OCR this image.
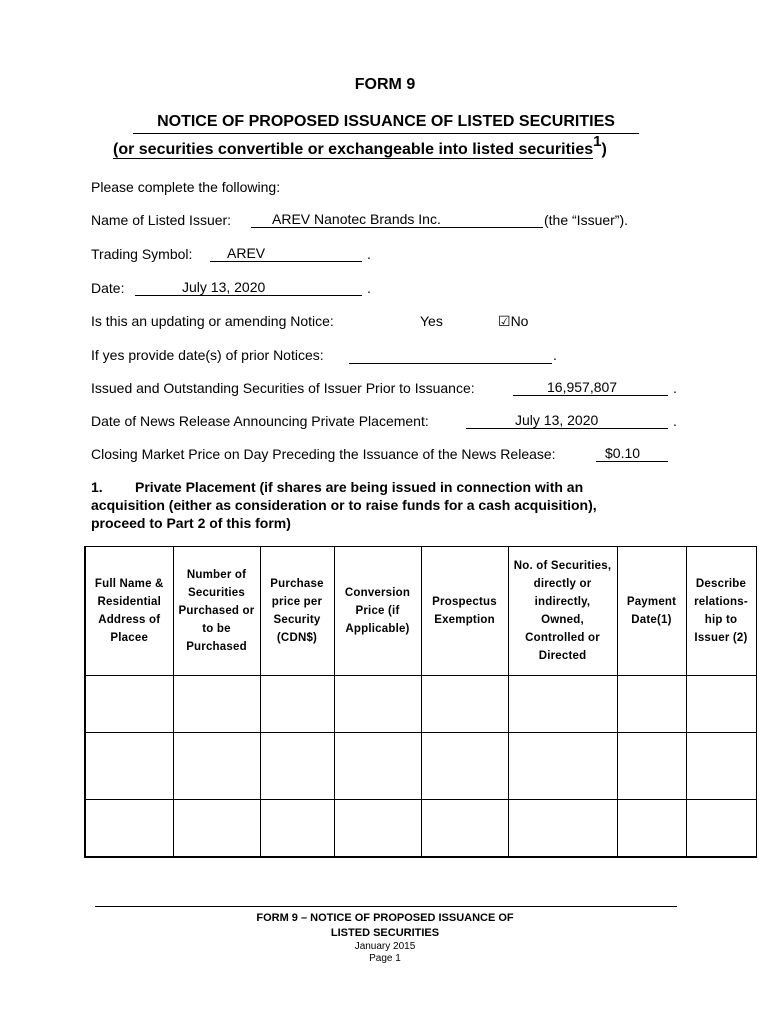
FORM 9
NOTICE OF PROPOSED ISSUANCE OF LISTED SECURITIES
(or securities convertible or exchangeable into listed securities$^1$)
Please complete the following:
Name of Listed Issuer:	AREV Nanotec Brands Inc.	(the “Issuer”).
Trading Symbol:	AREV	.
Date:	July 13, 2020	.
Is this an updating or amending Notice:	Yes	☑No
If yes provide date(s) of prior Notices:	.
Issued and Outstanding Securities of Issuer Prior to Issuance:	16,957,807	.
Date of News Release Announcing Private Placement:	July 13, 2020	.
Closing Market Price on Day Preceding the Issuance of the News Release:	$0.10
1. Private Placement (if shares are being issued in connection with an acquisition (either as consideration or to raise funds for a cash acquisition), proceed to Part 2 of this form)
Full Name & Residential Address of Placee	Number of Securities Purchased or to be Purchased	Purchase price per Security (CDN$)	Conversion Price (if Applicable)	Prospectus Exemption	No. of Securities, directly or indirectly, Owned, Controlled or Directed	Payment Date(1)	Describe relations-hip to Issuer (2)

FORM 9 – NOTICE OF PROPOSED ISSUANCE OF
LISTED SECURITIES
January 2015
Page 1
